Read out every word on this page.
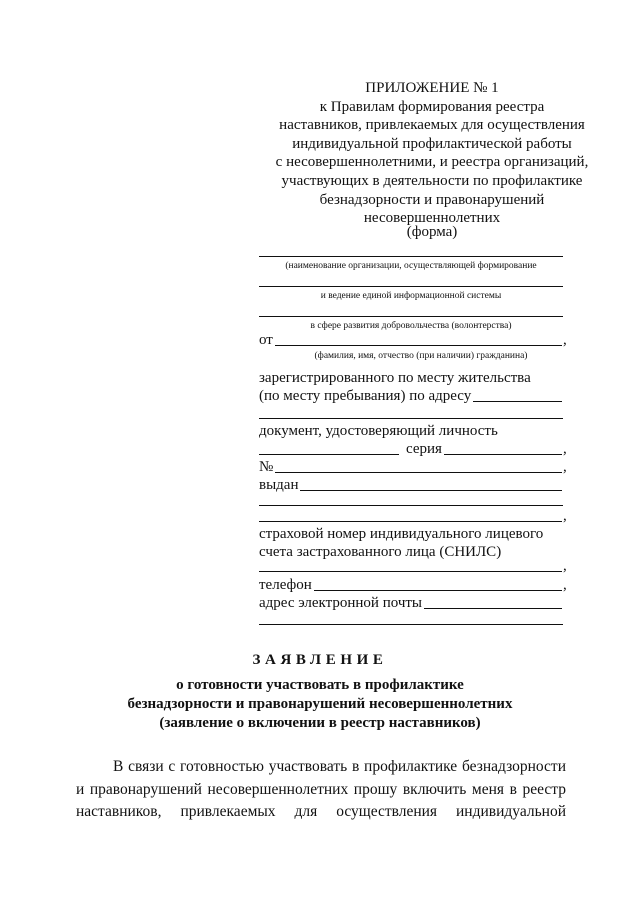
ПРИЛОЖЕНИЕ № 1
к Правилам формирования реестра
наставников, привлекаемых для осуществления
индивидуальной профилактической работы
с несовершеннолетними, и реестра организаций,
участвующих в деятельности по профилактике
безнадзорности и правонарушений
несовершеннолетних
(форма)
(наименование организации, осуществляющей формирование
и ведение единой информационной системы
в сфере развития добровольчества (волонтерства)
от	,
(фамилия, имя, отчество (при наличии) гражданина)
зарегистрированного по месту жительства
(по месту пребывания) по адресу
документ, удостоверяющий личность
серия	,
№	,
выдан
,
страховой номер индивидуального лицевого
счета застрахованного лица (СНИЛС)
,
телефон	,
адрес электронной почты
ЗАЯВЛЕНИЕ
о готовности участвовать в профилактике
безнадзорности и правонарушений несовершеннолетних
(заявление о включении в реестр наставников)
В связи с готовностью участвовать в профилактике безнадзорности
и правонарушений несовершеннолетних прошу включить меня в реестр
наставников, привлекаемых для осуществления индивидуальной
